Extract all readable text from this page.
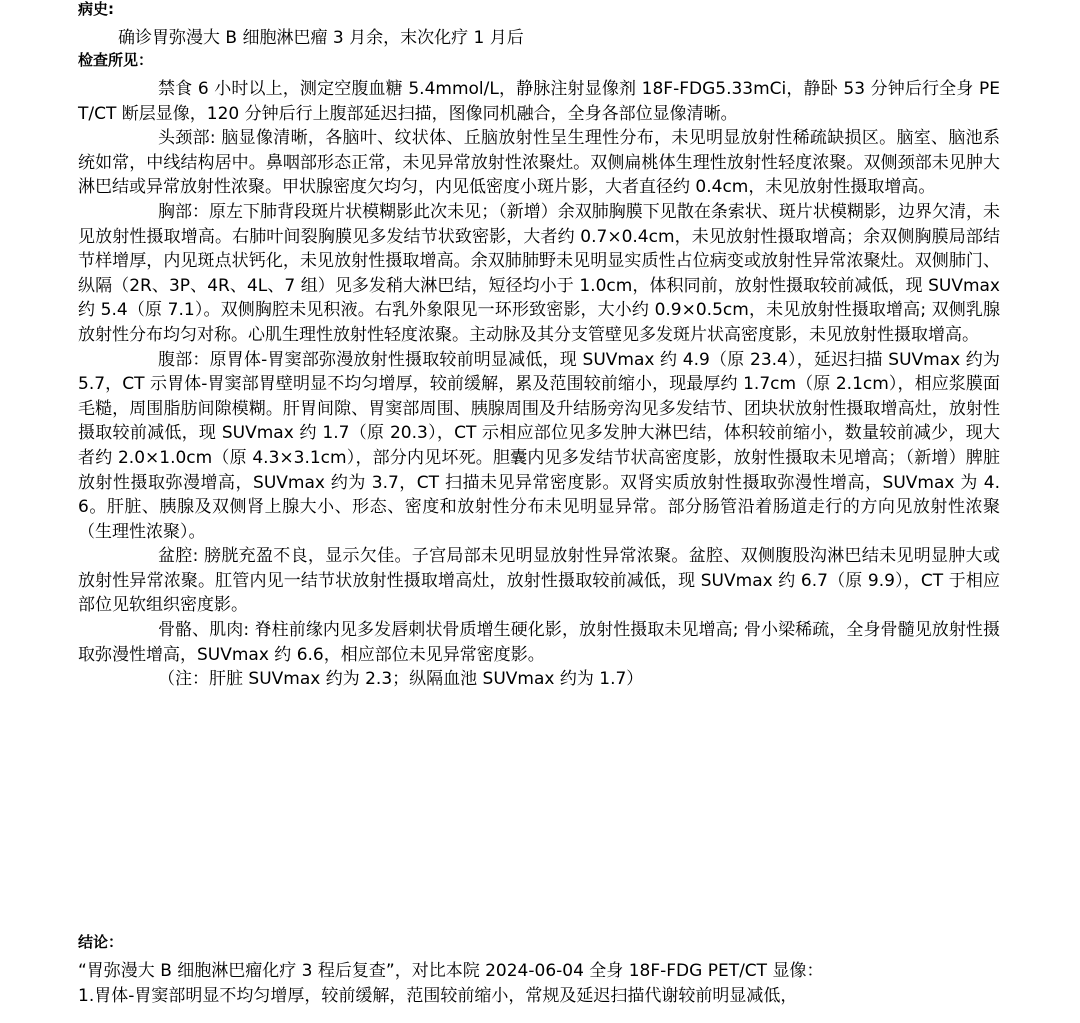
病史:

确诊胃弥漫大 B 细胞淋巴瘤 3 月余，末次化疗 1 月后

检查所见：

禁食 6 小时以上，测定空腹血糖 5.4mmol/L，静脉注射显像剂 18F-FDG5.33mCi，静卧 53 分钟后行全身 PET/CT 断层显像，120 分钟后行上腹部延迟扫描，图像同机融合，全身各部位显像清晰。

头颈部: 脑显像清晰，各脑叶、纹状体、丘脑放射性呈生理性分布，未见明显放射性稀疏缺损区。脑室、脑池系统如常，中线结构居中。鼻咽部形态正常，未见异常放射性浓聚灶。双侧扁桃体生理性放射性轻度浓聚。双侧颈部未见肿大淋巴结或异常放射性浓聚。甲状腺密度欠均匀，内见低密度小斑片影，大者直径约 0.4cm，未见放射性摄取增高。

胸部：原左下肺背段斑片状模糊影此次未见；（新增）余双肺胸膜下见散在条索状、斑片状模糊影，边界欠清，未见放射性摄取增高。右肺叶间裂胸膜见多发结节状致密影，大者约 0.7×0.4cm，未见放射性摄取增高；余双侧胸膜局部结节样增厚，内见斑点状钙化，未见放射性摄取增高。余双肺肺野未见明显实质性占位病变或放射性异常浓聚灶。双侧肺门、纵隔（2R、3P、4R、4L、7 组）见多发稍大淋巴结，短径均小于 1.0cm，体积同前，放射性摄取较前减低，现 SUVmax 约 5.4（原 7.1）。双侧胸腔未见积液。右乳外象限见一环形致密影，大小约 0.9×0.5cm，未见放射性摄取增高; 双侧乳腺放射性分布均匀对称。心肌生理性放射性轻度浓聚。主动脉及其分支管壁见多发斑片状高密度影，未见放射性摄取增高。

腹部：原胃体-胃窦部弥漫放射性摄取较前明显减低，现 SUVmax 约 4.9（原 23.4），延迟扫描 SUVmax 约为 5.7，CT 示胃体-胃窦部胃壁明显不均匀增厚，较前缓解，累及范围较前缩小，现最厚约 1.7cm（原 2.1cm），相应浆膜面毛糙，周围脂肪间隙模糊。肝胃间隙、胃窦部周围、胰腺周围及升结肠旁沟见多发结节、团块状放射性摄取增高灶，放射性摄取较前减低，现 SUVmax 约 1.7（原 20.3），CT 示相应部位见多发肿大淋巴结，体积较前缩小，数量较前减少，现大者约 2.0×1.0cm（原 4.3×3.1cm），部分内见坏死。胆囊内见多发结节状高密度影，放射性摄取未见增高；（新增）脾脏放射性摄取弥漫增高，SUVmax 约为 3.7，CT 扫描未见异常密度影。双肾实质放射性摄取弥漫性增高，SUVmax 为 4.6。肝脏、胰腺及双侧肾上腺大小、形态、密度和放射性分布未见明显异常。部分肠管沿着肠道走行的方向见放射性浓聚（生理性浓聚）。

盆腔: 膀胱充盈不良，显示欠佳。子宫局部未见明显放射性异常浓聚。盆腔、双侧腹股沟淋巴结未见明显肿大或放射性异常浓聚。肛管内见一结节状放射性摄取增高灶，放射性摄取较前减低，现 SUVmax 约 6.7（原 9.9），CT 于相应部位见软组织密度影。

骨骼、肌肉: 脊柱前缘内见多发唇刺状骨质增生硬化影，放射性摄取未见增高; 骨小梁稀疏，全身骨髓见放射性摄取弥漫性增高，SUVmax 约 6.6，相应部位未见异常密度影。

（注：肝脏 SUVmax 约为 2.3；纵隔血池 SUVmax 约为 1.7）

结论：

“胃弥漫大 B 细胞淋巴瘤化疗 3 程后复查”，对比本院 2024-06-04 全身 18F-FDG PET/CT 显像：

1.胃体-胃窦部明显不均匀增厚，较前缓解，范围较前缩小，常规及延迟扫描代谢较前明显减低，
